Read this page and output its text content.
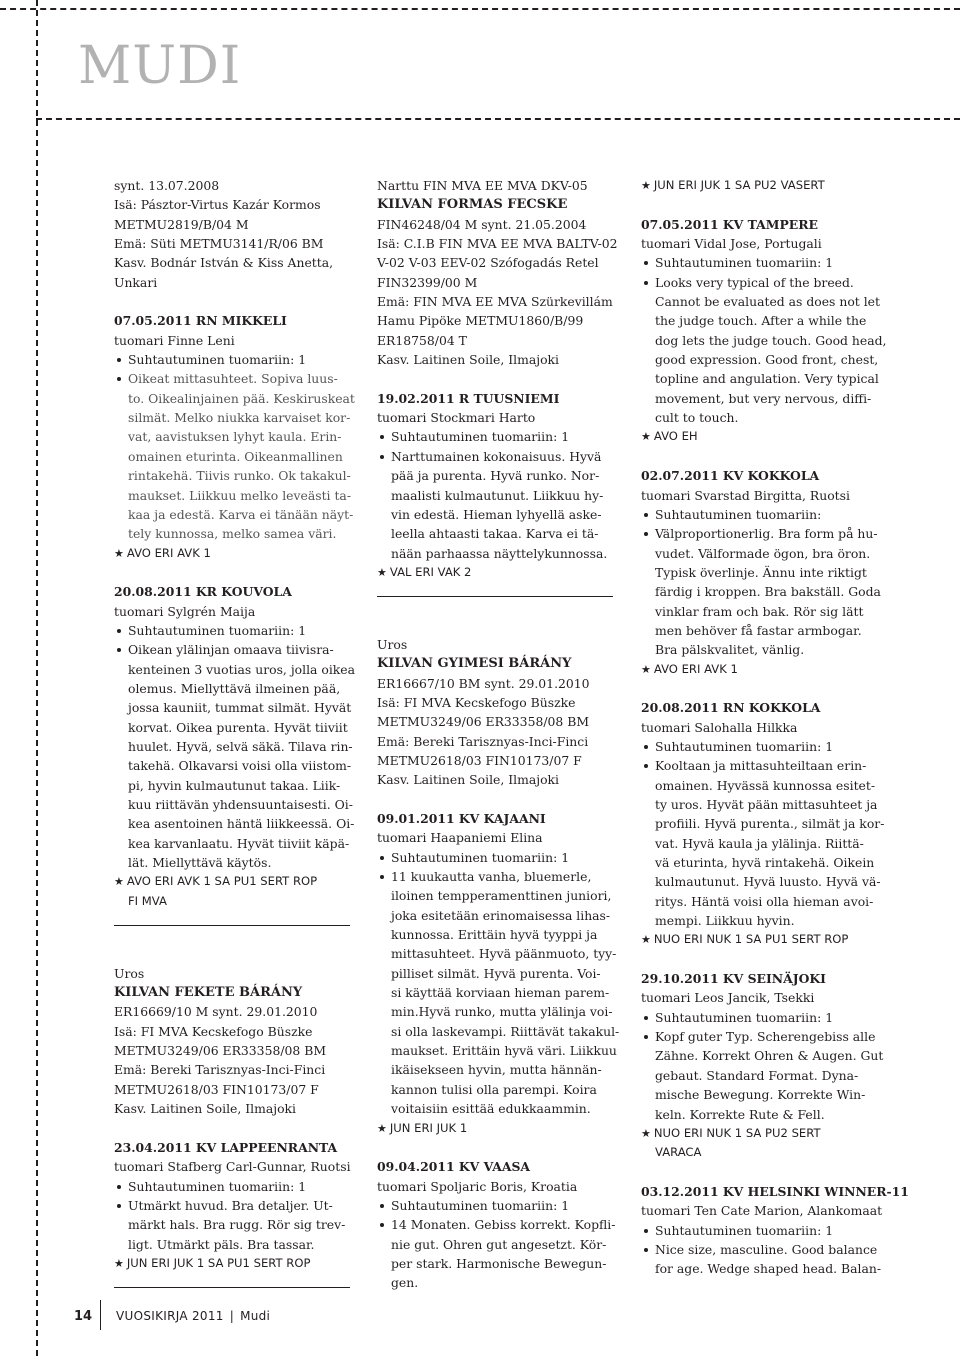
MUDI
synt. 13.07.2008
Isä: Pásztor-Virtus Kazár Kormos
METMU2819/B/04 M
Emä: Süti METMU3141/R/06 BM
Kasv. Bodnár István & Kiss Anetta,
Unkari
07.05.2011 RN MIKKELI
tuomari Finne Leni
Suhtautuminen tuomariin: 1
Oikeat mittasuhteet. Sopiva luus-
to. Oikealinjainen pää. Keskiruskeat
silmät. Melko niukka karvaiset kor-
vat, aavistuksen lyhyt kaula. Erin-
omainen eturinta. Oikeanmallinen
rintakehä. Tiivis runko. Ok takakul-
maukset. Liikkuu melko leveästi ta-
kaa ja edestä. Karva ei tänään näyt-
tely kunnossa, melko samea väri.
★ AVO ERI AVK 1
20.08.2011 KR KOUVOLA
tuomari Sylgrén Maija
Suhtautuminen tuomariin: 1
Oikean ylälinjan omaava tiivisra-
kenteinen 3 vuotias uros, jolla oikea
olemus. Miellyttävä ilmeinen pää,
jossa kauniit, tummat silmät. Hyvät
korvat. Oikea purenta. Hyvät tiiviit
huulet. Hyvä, selvä säkä. Tilava rin-
takehä. Olkavarsi voisi olla viistom-
pi, hyvin kulmautunut takaa. Liik-
kuu riittävän yhdensuuntaisesti. Oi-
kea asentoinen häntä liikkeessä. Oi-
kea karvanlaatu. Hyvät tiiviit käpä-
lät. Miellyttävä käytös.
★ AVO ERI AVK 1 SA PU1 SERT ROP
FI MVA
Uros
KILVAN FEKETE BÁRÁNY
ER16669/10 M synt. 29.01.2010
Isä: FI MVA Kecskefogo Büszke
METMU3249/06 ER33358/08 BM
Emä: Bereki Tarisznyas-Inci-Finci
METMU2618/03 FIN10173/07 F
Kasv. Laitinen Soile, Ilmajoki
23.04.2011 KV LAPPEENRANTA
tuomari Stafberg Carl-Gunnar, Ruotsi
Suhtautuminen tuomariin: 1
Utmärkt huvud. Bra detaljer. Ut-
märkt hals. Bra rugg. Rör sig trev-
ligt. Utmärkt päls. Bra tassar.
★ JUN ERI JUK 1 SA PU1 SERT ROP
Narttu FIN MVA EE MVA DKV-05
KILVAN FORMAS FECSKE
FIN46248/04 M synt. 21.05.2004
Isä: C.I.B FIN MVA EE MVA BALTV-02
V-02 V-03 EEV-02 Szófogadás Retel
FIN32399/00 M
Emä: FIN MVA EE MVA Szürkevillám
Hamu Pipöke METMU1860/B/99
ER18758/04 T
Kasv. Laitinen Soile, Ilmajoki
19.02.2011 R TUUSNIEMI
tuomari Stockmari Harto
Suhtautuminen tuomariin: 1
Narttumainen kokonaisuus. Hyvä
pää ja purenta. Hyvä runko. Nor-
maalisti kulmautunut. Liikkuu hy-
vin edestä. Hieman lyhyellä aske-
leella ahtaasti takaa. Karva ei tä-
nään parhaassa näyttelykunnossa.
★ VAL ERI VAK 2
Uros
KILVAN GYIMESI BÁRÁNY
ER16667/10 BM synt. 29.01.2010
Isä: FI MVA Kecskefogo Büszke
METMU3249/06 ER33358/08 BM
Emä: Bereki Tarisznyas-Inci-Finci
METMU2618/03 FIN10173/07 F
Kasv. Laitinen Soile, Ilmajoki
09.01.2011 KV KAJAANI
tuomari Haapaniemi Elina
Suhtautuminen tuomariin: 1
11 kuukautta vanha, bluemerle,
iloinen tempperamenttinen juniori,
joka esitetään erinomaisessa lihas-
kunnossa. Erittäin hyvä tyyppi ja
mittasuhteet. Hyvä päänmuoto, tyy-
pilliset silmät. Hyvä purenta. Voi-
si käyttää korviaan hieman parem-
min.Hyvä runko, mutta ylälinja voi-
si olla laskevampi. Riittävät takakul-
maukset. Erittäin hyvä väri. Liikkuu
ikäisekseen hyvin, mutta hännän-
kannon tulisi olla parempi. Koira
voitaisiin esittää edukkaammin.
★ JUN ERI JUK 1
09.04.2011 KV VAASA
tuomari Spoljaric Boris, Kroatia
Suhtautuminen tuomariin: 1
14 Monaten. Gebiss korrekt. Kopfli-
nie gut. Ohren gut angesetzt. Kör-
per stark. Harmonische Bewegun-
gen.
★ JUN ERI JUK 1 SA PU2 VASERT
07.05.2011 KV TAMPERE
tuomari Vidal Jose, Portugali
Suhtautuminen tuomariin: 1
Looks very typical of the breed.
Cannot be evaluated as does not let
the judge touch. After a while the
dog lets the judge touch. Good head,
good expression. Good front, chest,
topline and angulation. Very typical
movement, but very nervous, diffi-
cult to touch.
★ AVO EH
02.07.2011 KV KOKKOLA
tuomari Svarstad Birgitta, Ruotsi
Suhtautuminen tuomariin:
Välproportionerlig. Bra form på hu-
vudet. Välformade ögon, bra öron.
Typisk överlinje. Ännu inte riktigt
färdig i kroppen. Bra bakställ. Goda
vinklar fram och bak. Rör sig lätt
men behöver få fastar armbogar.
Bra pälskvalitet, vänlig.
★ AVO ERI AVK 1
20.08.2011 RN KOKKOLA
tuomari Salohalla Hilkka
Suhtautuminen tuomariin: 1
Kooltaan ja mittasuhteiltaan erin-
omainen. Hyvässä kunnossa esitet-
ty uros. Hyvät pään mittasuhteet ja
profiili. Hyvä purenta., silmät ja kor-
vat. Hyvä kaula ja ylälinja. Riittä-
vä eturinta, hyvä rintakehä. Oikein
kulmautunut. Hyvä luusto. Hyvä vä-
ritys. Häntä voisi olla hieman avoi-
mempi. Liikkuu hyvin.
★ NUO ERI NUK 1 SA PU1 SERT ROP
29.10.2011 KV SEINÄJOKI
tuomari Leos Jancik, Tsekki
Suhtautuminen tuomariin: 1
Kopf guter Typ. Scherengebiss alle
Zähne. Korrekt Ohren & Augen. Gut
gebaut. Standard Format. Dyna-
mische Bewegung. Korrekte Win-
keln. Korrekte Rute & Fell.
★ NUO ERI NUK 1 SA PU2 SERT
VARACA
03.12.2011 KV HELSINKI WINNER-11
tuomari Ten Cate Marion, Alankomaat
Suhtautuminen tuomariin: 1
Nice size, masculine. Good balance
for age. Wedge shaped head. Balan-
14 VUOSIKIRJA 2011 | Mudi
